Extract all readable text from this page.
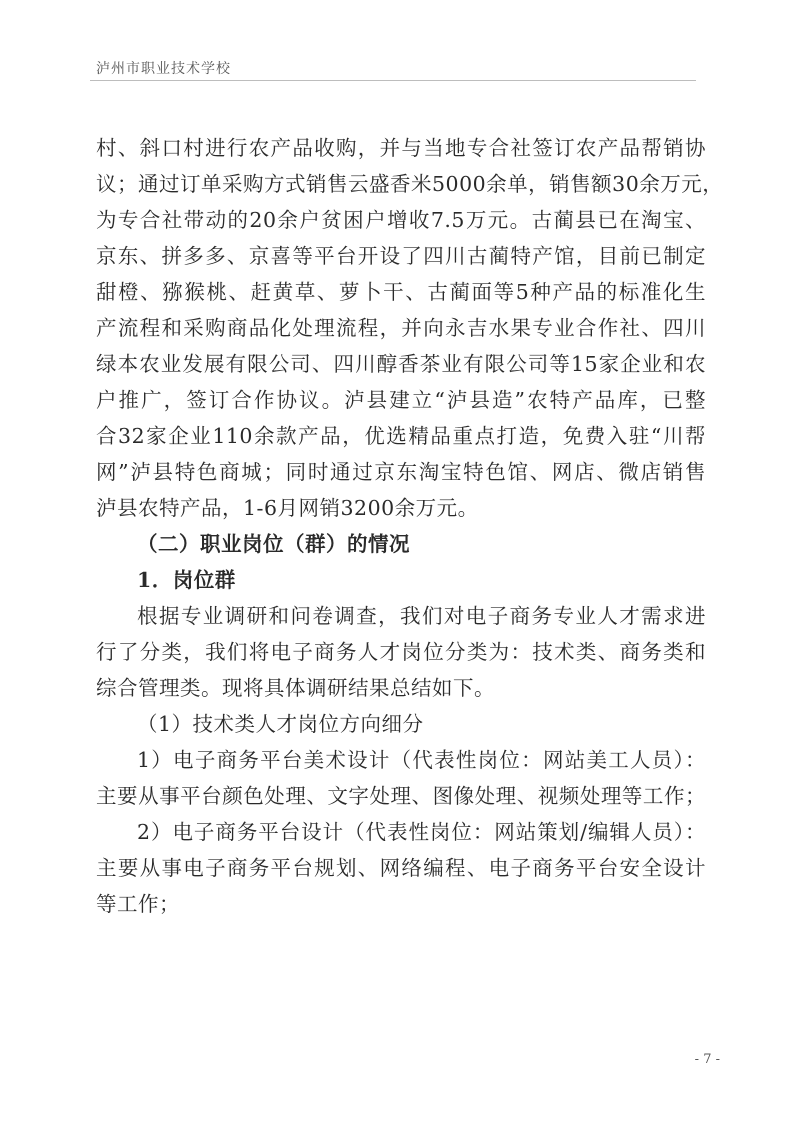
泸州市职业技术学校
村、斜口村进行农产品收购，并与当地专合社签订农产品帮销协
议；通过订单采购方式销售云盛香米5000余单，销售额30余万元，
为专合社带动的20余户贫困户增收7.5万元。古蔺县已在淘宝、
京东、拼多多、京喜等平台开设了四川古蔺特产馆，目前已制定
甜橙、猕猴桃、赶黄草、萝卜干、古蔺面等5种产品的标准化生
产流程和采购商品化处理流程，并向永吉水果专业合作社、四川
绿本农业发展有限公司、四川醇香茶业有限公司等15家企业和农
户推广，签订合作协议。泸县建立“泸县造”农特产品库，已整
合32家企业110余款产品，优选精品重点打造，免费入驻“川帮
网”泸县特色商城；同时通过京东淘宝特色馆、网店、微店销售
泸县农特产品，1-6月网销3200余万元。
（二）职业岗位（群）的情况
1．岗位群
根据专业调研和问卷调查，我们对电子商务专业人才需求进
行了分类，我们将电子商务人才岗位分类为：技术类、商务类和
综合管理类。现将具体调研结果总结如下。
（1）技术类人才岗位方向细分
1）电子商务平台美术设计（代表性岗位：网站美工人员）：
主要从事平台颜色处理、文字处理、图像处理、视频处理等工作；
2）电子商务平台设计（代表性岗位：网站策划/编辑人员）：
主要从事电子商务平台规划、网络编程、电子商务平台安全设计
等工作；
- 7 -
